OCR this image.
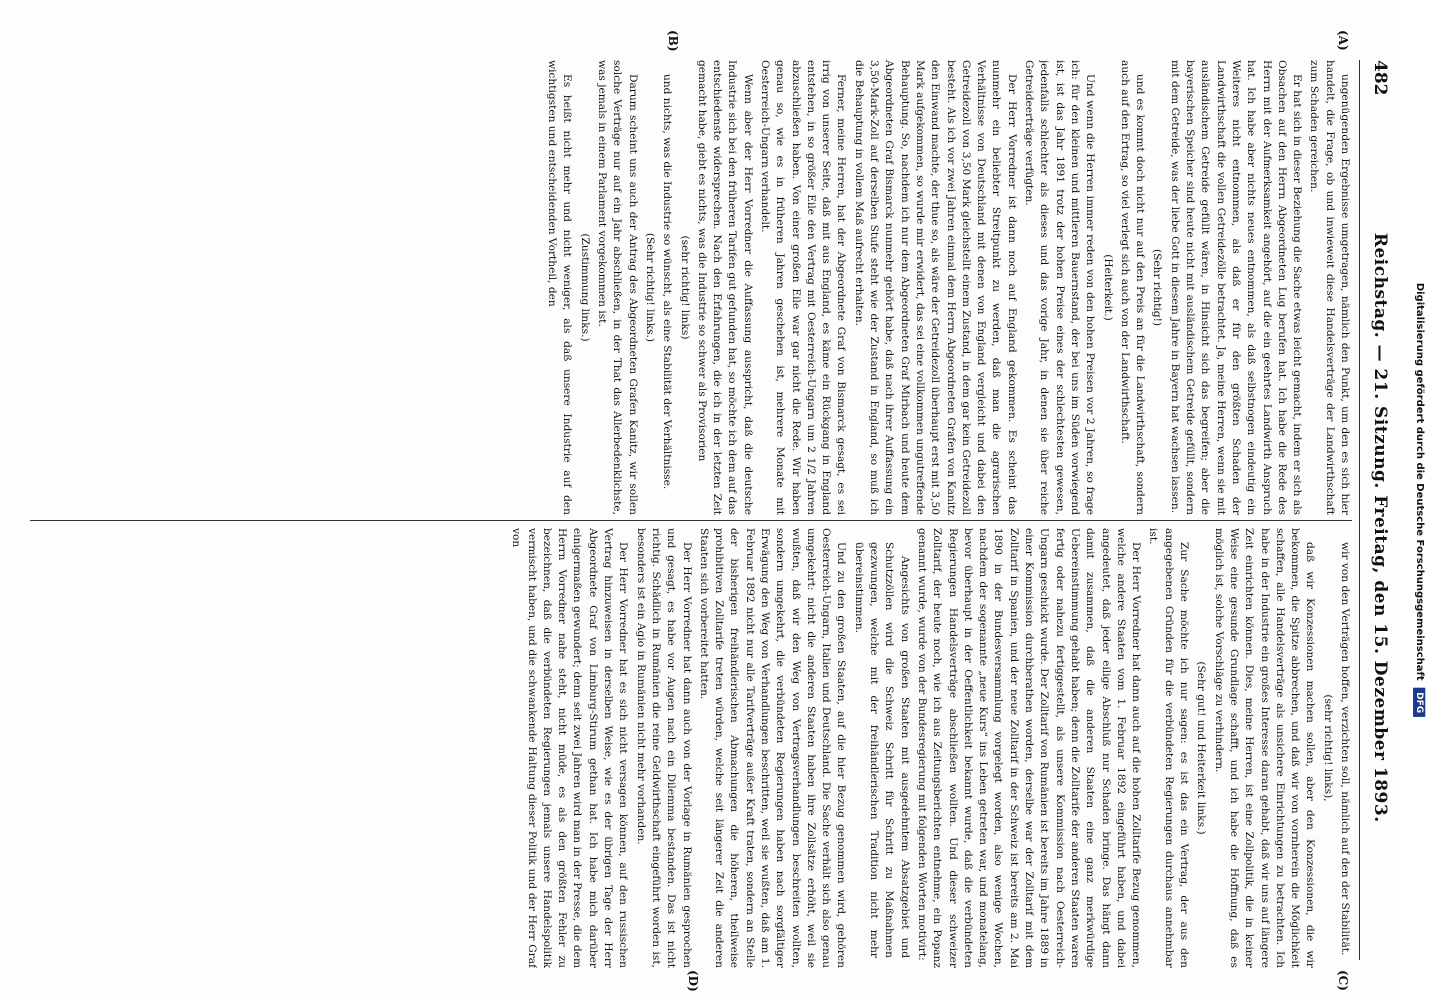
482
Reichstag. — 21. Sitzung. Freitag, den 15. Dezember 1893.
(A)
(B)
(C)
(D)

ungenügenden Ergebnisse umgetragen, nämlich den Punkt, um den es sich hier handelt, die Frage, ob und inwieweit diese Handelsverträge der Landwirthschaft zum Schaden gereichen.

Er hat sich in dieser Beziehung die Sache etwas leicht gemacht, indem er sich als Obsachen auf den Herrn Abgeordneten Lug berufen hat. Ich habe die Rede des Herrn mit der Aufmerksamkeit angehört, auf die ein geehrtes Landwirth Anspruch hat. Ich habe aber nichts neues entnommen, als daß selbstnogen eindeutig ein Weiteres nicht entnommen, als daß er für den größten Schaden der Landwirthschaft die vollen Getreidezölle betrachtet. Ja, meine Herren, wenn sie mit ausländischem Getreide gefüllt wären, in Hinsicht sich das begreifen; aber die bayerischen Speicher sind heute nicht mit ausländischem Getreide gefüllt, sondern mit dem Getreide, was der liebe Gott in diesem Jahre in Bayern hat wachsen lassen.

(Sehr richtig!)

und es kommt doch nicht nur auf den Preis an für die Landwirthschaft, sondern auch auf den Ertrag, so viel verlegt sich auch von der Landwirthschaft.

(Heiterkeit.)

Und wenn die Herren immer reden von den hohen Preisen vor 2 Jahren, so frage ich: für den kleinen und mittleren Bauernstand, der bei uns im Süden vorwiegend ist, ist das Jahr 1891 trotz der hohen Preise eines der schlechtesten gewesen, jedenfalls schlechter als dieses und das vorige Jahr, in denen sie über reiche Getreideerträge verfügten.

Der Herr Vorredner ist dann noch auf England gekommen. Es scheint das nunmehr ein beliebter Streitpunkt zu werden, daß man die agrarischen Verhältnisse von Deutschland mit denen von England vergleicht und dabei den Getreidezoll von 3,50 Mark gleichstellt einem Zustand, in dem gar kein Getreidezoll besteht. Als ich vor zwei Jahren einmal dem Herrn Abgeordneten Grafen von Kanitz den Einwand machte, der thue so, als wäre der Getreidezoll überhaupt erst mit 3,50 Mark aufgekommen, so wurde mir erwidert, das sei eine vollkommen ungutreffende Behauptung. So, nachdem ich nur dem Abgeordneten Graf Mirbach und heute dem Abgeordneten Graf Bismarck nunmehr gehört habe, daß nach ihrer Auffassung ein 3,50-Mark-Zoll auf derselben Stufe steht wie der Zustand in England, so muß ich die Behauptung in vollem Maß aufrecht erhalten.

Ferner, meine Herren, hat der Abgeordnete Graf von Bismarck gesagt, es sei irrig von unserer Seite, daß mit aus England, es käme ein Rückgang in England entstehen, in so größer Eile den Vertrag mit Oesterreich-Ungarn um 2 1/2 Jahren abzuschließen haben. Von einer großen Eile war gar nicht die Rede. Wir haben genau so, wie es in früheren Jahren geschehen ist, mehrere Monate mit Oesterreich-Ungarn verhandelt.

Wenn aber der Herr Vorredner die Auffassung ausspricht, daß die deutsche Industrie sich bei den früheren Tarifen gut gefunden hat, so möchte ich dem auf das entschiedenste widersprechen. Nach den Erfahrungen, die ich in der letzten Zeit gemacht habe, giebt es nichts, was die Industrie so schwer als Provisorien

(sehr richtig! links)

und nichts, was die Industrie so wünscht, als eine Stabilität der Verhältnisse.

(Sehr richtig! links.)

Darum scheint uns auch der Antrag des Abgeordneten Grafen Kanitz, wir sollen solche Verträge nur auf ein Jahr abschließen, in der That das Allerbedenklichste, was jemals in einem Parlament vorgekommen ist.

(Zustimmung links.)

Es heißt nicht mehr und nicht weniger, als daß unsere Industrie auf den wichtigsten und entscheidenden Vortheil, den

wir von den Verträgen hoffen, verzichten soll, nämlich auf den der Stabilität.

(sehr richtig! links),

daß wir Konzessionen machen sollen, aber den Konzessionen, die wir bekommen, die Spitze abbrechen, und daß wir von vornherein die Möglichkeit schaffen, alle Handelsverträge als unsichere Einrichtungen zu betrachten. Ich habe in der Industrie ein großes Interesse daran gehabt, daß wir uns auf längere Zeit einrichten können. Dies, meine Herren, ist eine Zollpolitik, die in keiner Weise eine gesunde Grundlage schafft, und ich habe die Hoffnung, daß es möglich ist, solche Vorschläge zu verhindern.

(Sehr gut! und Heiterkeit links.)

Zur Sache möchte ich nur sagen: es ist das ein Vertrag, der aus den angegebenen Gründen für die verbündeten Regierungen durchaus annehmbar ist.

Der Herr Vorredner hat dann auch auf die hohen Zolltarife Bezug genommen, welche andere Staaten vom 1. Februar 1892 eingeführt haben, und dabei angedeutet, daß jeder eilige Abschluß nur Schaden bringe. Das hängt dann damit zusammen, daß die anderen Staaten eine ganz merkwürdige Uebereinstimmung gehabt haben; denn die Zolltarife der anderen Staaten waren fertig oder nahezu fertiggestellt, als unsere Kommission nach Oesterreich-Ungarn geschickt wurde. Der Zolltarif von Rumänien ist bereits im Jahre 1889 in einer Kommission durchberathen worden, derselbe war der Zolltarif mit dem Zolltarif in Spanien, und der neue Zolltarif in der Schweiz ist bereits am 2. Mai 1890 in der Bundesversammlung vorgelegt worden, also wenige Wochen, nachdem der sogenannte „neue Kurs“ ins Leben getreten war, und monatelang, bevor überhaupt in der Oeffentlichkeit bekannt wurde, daß die verbündeten Regierungen Handelsverträge abschließen wollten. Und dieser schweizer Zolltarif, der heute noch, wie ich aus Zeitungsberichten entnehme, ein Popanz genannt wurde, wurde von der Bundesregierung mit folgenden Worten motivirt:

Angesichts von großen Staaten mit ausgedehntem Absatzgebiet und Schutzzöllen wird die Schweiz Schritt für Schritt zu Maßnahmen gezwungen, welche mit der freihändlerischen Tradition nicht mehr übereinstimmen.

Und zu den großen Staaten, auf die hier Bezug genommen wird, gehören Oesterreich-Ungarn, Italien und Deutschland. Die Sache verhält sich also genau umgekehrt: nicht die anderen Staaten haben ihre Zollsätze erhöht, weil sie wußten, daß wir den Weg von Vertragsverhandlungen beschreiten wollten, sondern umgekehrt, die verbündeten Regierungen haben nach sorgfältiger Erwägung den Weg von Verhandlungen beschritten, weil sie wußten, daß am 1. Februar 1892 nicht nur alle Tarifverträge außer Kraft traten, sondern an Stelle der bisherigen freihändlerischen Abmachungen die höheren, theilweise prohibitiven Zolltarife treten würden, welche seit längerer Zeit die anderen Staaten sich vorbereitet hatten.

Der Herr Vorredner hat dann auch von der Vorlage in Rumänien gesprochen und gesagt, es habe vor Augen nach ein Dilemma bestanden. Das ist nicht richtig. Schädlich in Rumänien die reine Geldwirthschaft eingeführt worden ist, besonders ist ein Agio in Rumänien nicht mehr vorhanden.

Der Herr Vorredner hat es sich nicht versagen können, auf den russischen Vertrag hinzuweisen in derselben Weise, wie es der übrigen Tage der Herr Abgeordnete Graf von Limburg-Stirum gethan hat. Ich habe mich darüber einigermaßen gewundert; denn seit zwei Jahren wird man in der Presse, die dem Herrn Vorredner nahe steht, nicht müde, es als den größten Fehler zu bezeichnen, daß die verbündeten Regierungen jemals unsere Handelspolitik vermischt haben, und die schwankende Haltung dieser Politik und der Herr Graf von	Digitalisierung gefördert durch die Deutsche Forschungsgemeinschaft DFG
